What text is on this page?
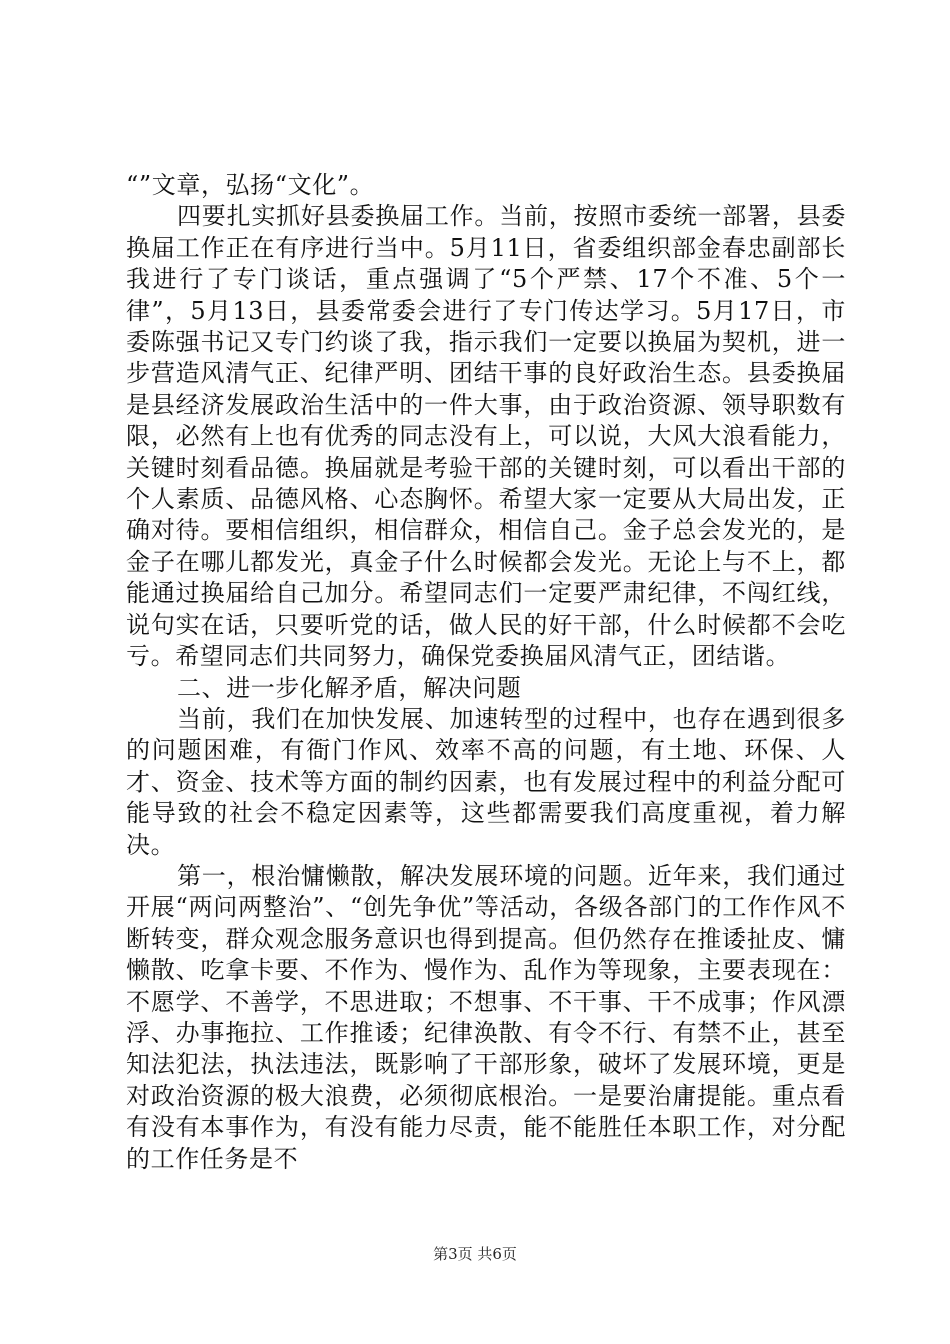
“”文章，弘扬“文化”。

四要扎实抓好县委换届工作。当前，按照市委统一部署，县委换届工作正在有序进行当中。5月11日，省委组织部金春忠副部长我进行了专门谈话，重点强调了“5个严禁、17个不准、5个一律”，5月13日，县委常委会进行了专门传达学习。5月17日，市委陈强书记又专门约谈了我，指示我们一定要以换届为契机，进一步营造风清气正、纪律严明、团结干事的良好政治生态。县委换届是县经济发展政治生活中的一件大事，由于政治资源、领导职数有限，必然有上也有优秀的同志没有上，可以说，大风大浪看能力，关键时刻看品德。换届就是考验干部的关键时刻，可以看出干部的个人素质、品德风格、心态胸怀。希望大家一定要从大局出发，正确对待。要相信组织，相信群众，相信自己。金子总会发光的，是金子在哪儿都发光，真金子什么时候都会发光。无论上与不上，都能通过换届给自己加分。希望同志们一定要严肃纪律，不闯红线，说句实在话，只要听党的话，做人民的好干部，什么时候都不会吃亏。希望同志们共同努力，确保党委换届风清气正，团结谐。

二、进一步化解矛盾，解决问题

当前，我们在加快发展、加速转型的过程中，也存在遇到很多的问题困难，有衙门作风、效率不高的问题，有土地、环保、人才、资金、技术等方面的制约因素，也有发展过程中的利益分配可能导致的社会不稳定因素等，这些都需要我们高度重视，着力解决。

第一，根治慵懒散，解决发展环境的问题。近年来，我们通过开展“两问两整治”、“创先争优”等活动，各级各部门的工作作风不断转变，群众观念服务意识也得到提高。但仍然存在推诿扯皮、慵懒散、吃拿卡要、不作为、慢作为、乱作为等现象，主要表现在：不愿学、不善学，不思进取；不想事、不干事、干不成事；作风漂浮、办事拖拉、工作推诿；纪律涣散、有令不行、有禁不止，甚至知法犯法，执法违法，既影响了干部形象，破坏了发展环境，更是对政治资源的极大浪费，必须彻底根治。一是要治庸提能。重点看有没有本事作为，有没有能力尽责，能不能胜任本职工作，对分配的工作任务是不

第3页 共6页
